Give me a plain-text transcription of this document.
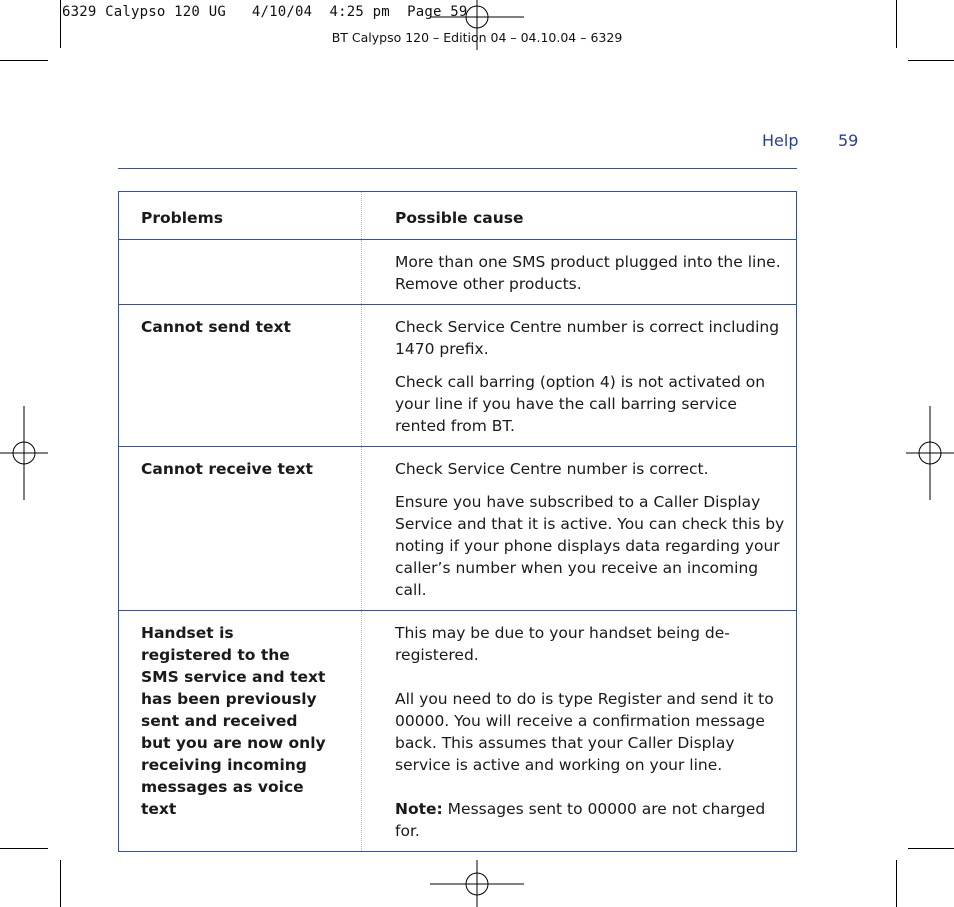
6329 Calypso 120 UG   4/10/04  4:25 pm  Page 59
BT Calypso 120 – Edition 04 – 04.10.04 – 6329
Help 59
Problems	Possible cause

	More than one SMS product plugged into the line. Remove other products.

Cannot send text	Check Service Centre number is correct including 1470 prefix.
Check call barring (option 4) is not activated on your line if you have the call barring service rented from BT.

Cannot receive text	Check Service Centre number is correct.
Ensure you have subscribed to a Caller Display Service and that it is active. You can check this by noting if your phone displays data regarding your caller’s number when you receive an incoming call.

Handset is registered to the SMS service and text has been previously sent and received but you are now only receiving incoming messages as voice text	This may be due to your handset being de-registered.
All you need to do is type Register and send it to 00000. You will receive a confirmation message back. This assumes that your Caller Display service is active and working on your line.
Note: Messages sent to 00000 are not charged for.
